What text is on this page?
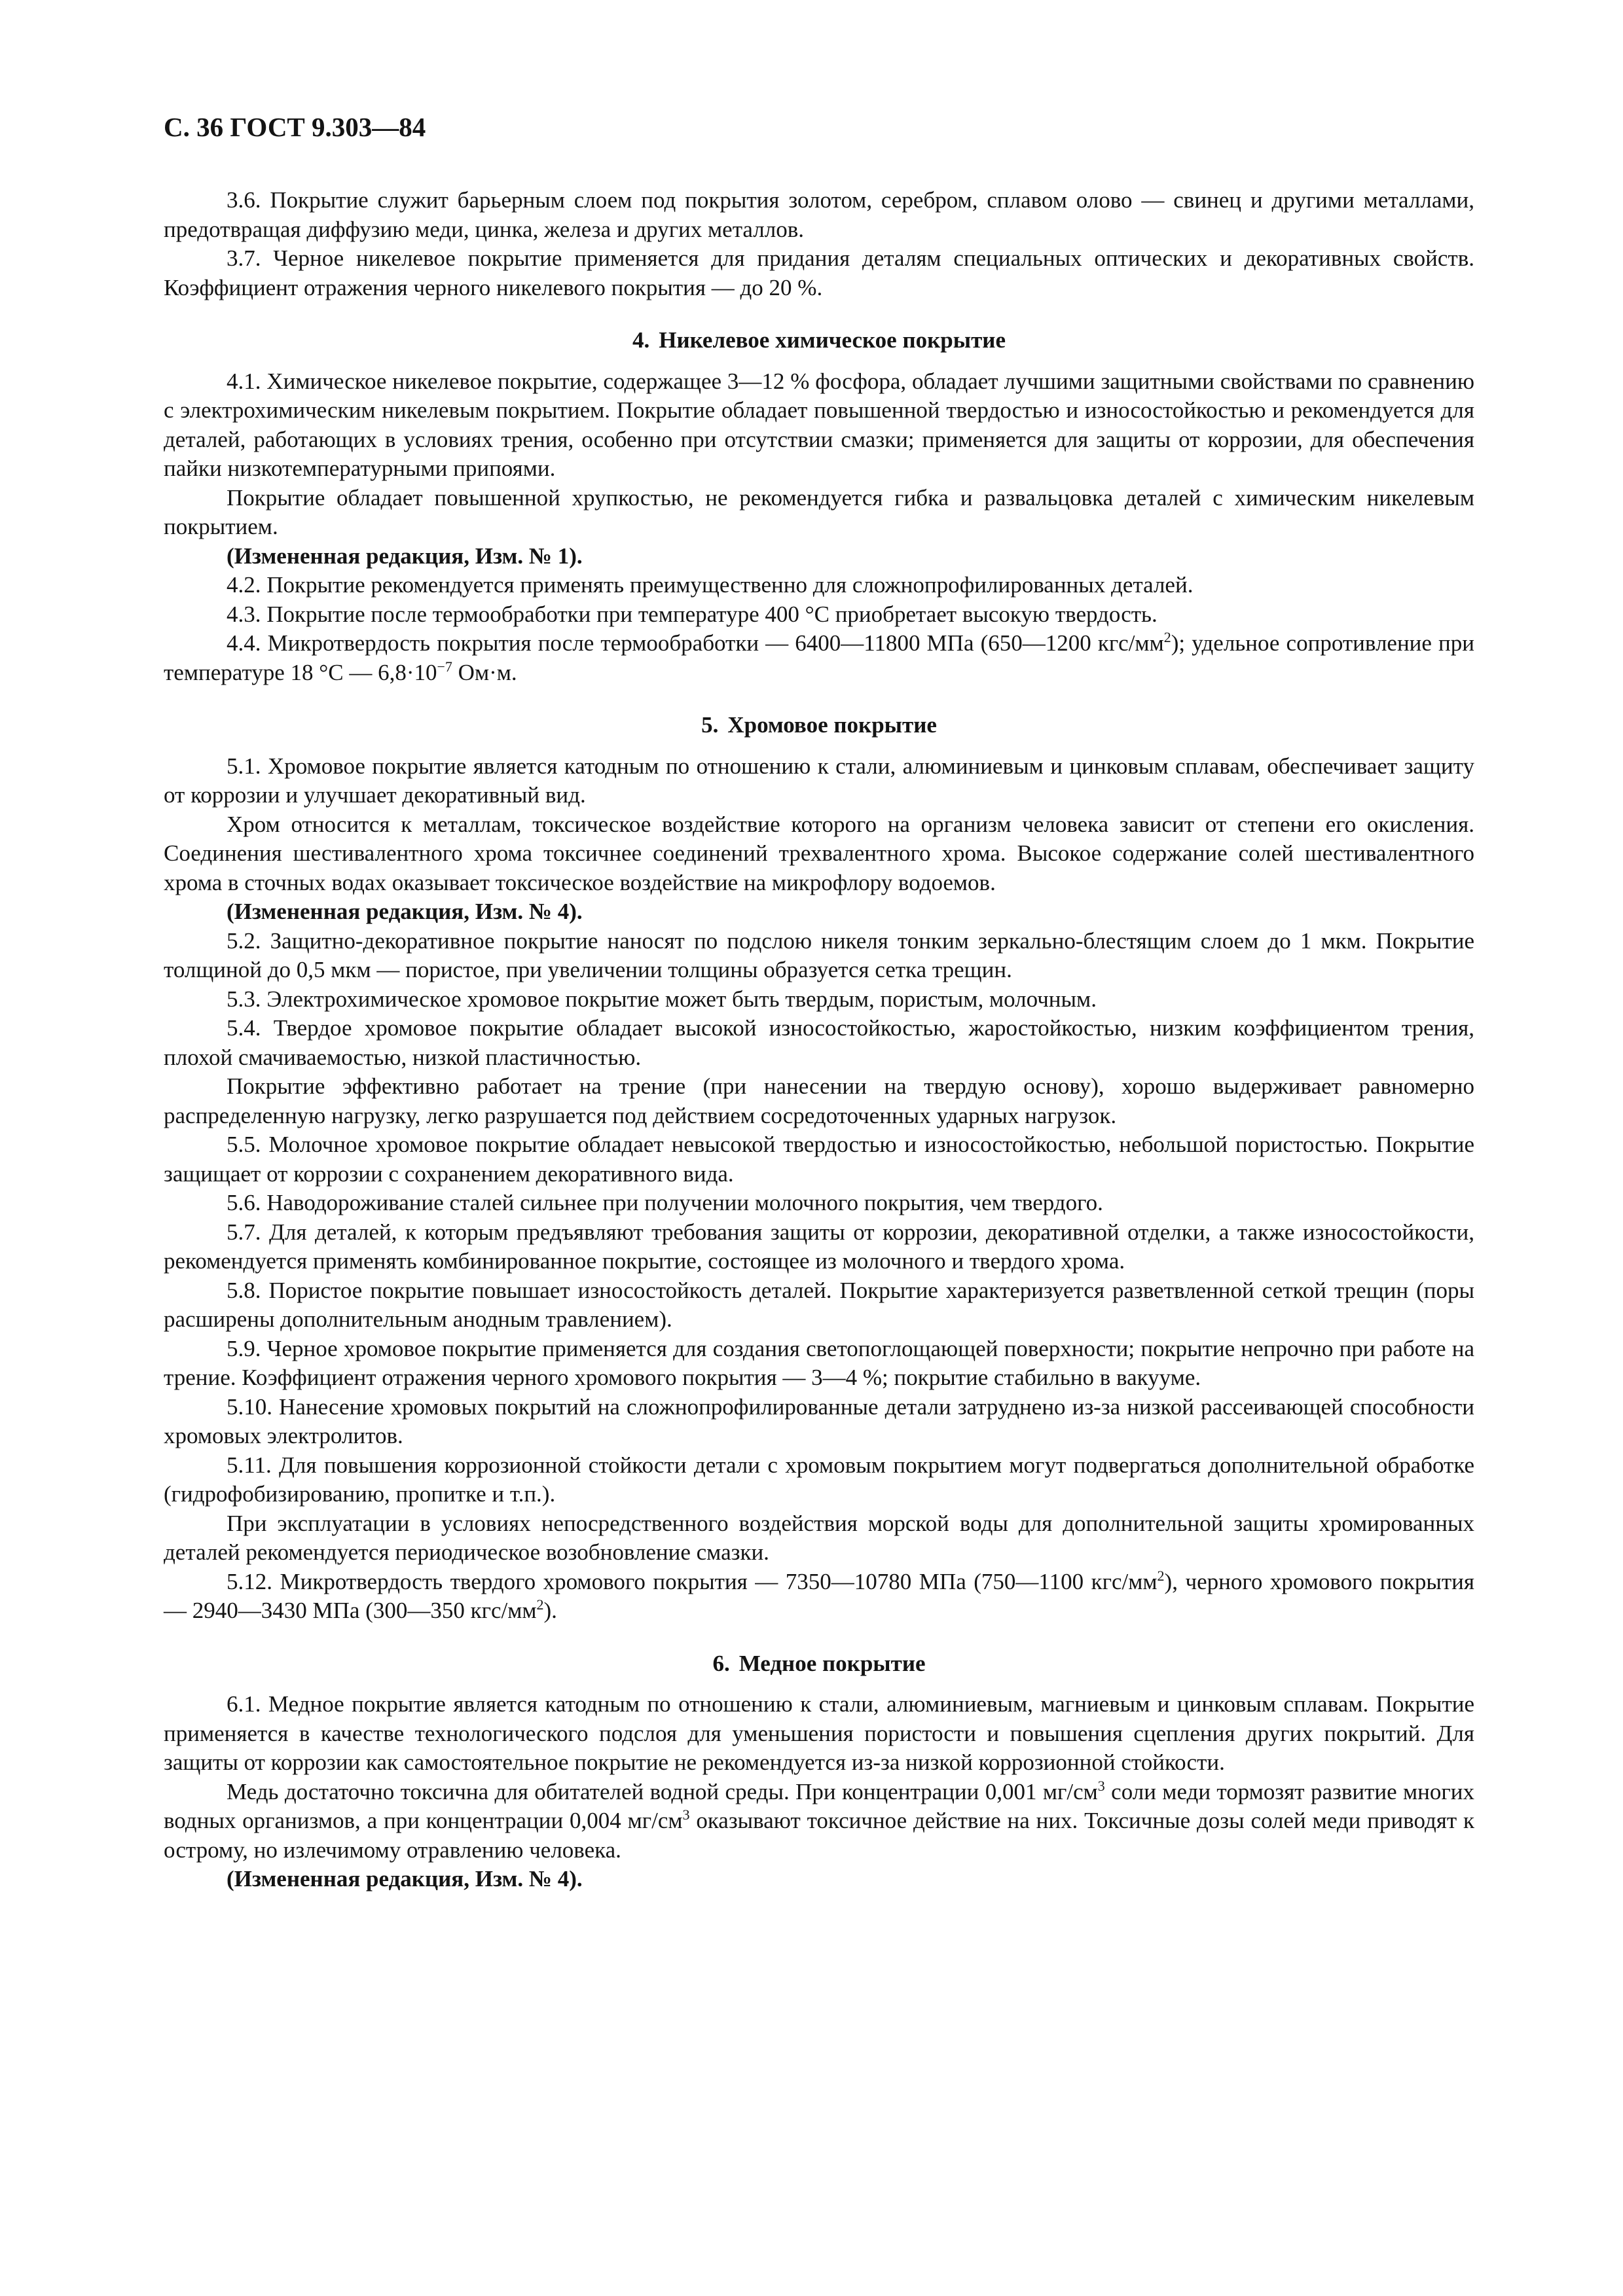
С. 36 ГОСТ 9.303—84

3.6. Покрытие служит барьерным слоем под покрытия золотом, серебром, сплавом олово — свинец и другими металлами, предотвращая диффузию меди, цинка, железа и других металлов.

3.7. Черное никелевое покрытие применяется для придания деталям специальных оптических и декоративных свойств. Коэффициент отражения черного никелевого покрытия — до 20 %.

4. Никелевое химическое покрытие

4.1. Химическое никелевое покрытие, содержащее 3—12 % фосфора, обладает лучшими защитными свойствами по сравнению с электрохимическим никелевым покрытием. Покрытие обладает повышенной твердостью и износостойкостью и рекомендуется для деталей, работающих в условиях трения, особенно при отсутствии смазки; применяется для защиты от коррозии, для обеспечения пайки низкотемпературными припоями.

Покрытие обладает повышенной хрупкостью, не рекомендуется гибка и развальцовка деталей с химическим никелевым покрытием.

(Измененная редакция, Изм. № 1).

4.2. Покрытие рекомендуется применять преимущественно для сложнопрофилированных деталей.

4.3. Покрытие после термообработки при температуре 400 °С приобретает высокую твердость.

4.4. Микротвердость покрытия после термообработки — 6400—11800 МПа (650—1200 кгс/$мм^2$); удельное сопротивление при температуре 18 °С — $6,8\cdot 10^{-7}$ Ом·м.

5. Хромовое покрытие

5.1. Хромовое покрытие является катодным по отношению к стали, алюминиевым и цинковым сплавам, обеспечивает защиту от коррозии и улучшает декоративный вид.

Хром относится к металлам, токсическое воздействие которого на организм человека зависит от степени его окисления. Соединения шестивалентного хрома токсичнее соединений трехвалентного хрома. Высокое содержание солей шестивалентного хрома в сточных водах оказывает токсическое воздействие на микрофлору водоемов.

(Измененная редакция, Изм. № 4).

5.2. Защитно-декоративное покрытие наносят по подслою никеля тонким зеркально-блестящим слоем до 1 мкм. Покрытие толщиной до 0,5 мкм — пористое, при увеличении толщины образуется сетка трещин.

5.3. Электрохимическое хромовое покрытие может быть твердым, пористым, молочным.

5.4. Твердое хромовое покрытие обладает высокой износостойкостью, жаростойкостью, низким коэффициентом трения, плохой смачиваемостью, низкой пластичностью.

Покрытие эффективно работает на трение (при нанесении на твердую основу), хорошо выдерживает равномерно распределенную нагрузку, легко разрушается под действием сосредоточенных ударных нагрузок.

5.5. Молочное хромовое покрытие обладает невысокой твердостью и износостойкостью, небольшой пористостью. Покрытие защищает от коррозии с сохранением декоративного вида.

5.6. Наводороживание сталей сильнее при получении молочного покрытия, чем твердого.

5.7. Для деталей, к которым предъявляют требования защиты от коррозии, декоративной отделки, а также износостойкости, рекомендуется применять комбинированное покрытие, состоящее из молочного и твердого хрома.

5.8. Пористое покрытие повышает износостойкость деталей. Покрытие характеризуется разветвленной сеткой трещин (поры расширены дополнительным анодным травлением).

5.9. Черное хромовое покрытие применяется для создания светопоглощающей поверхности; покрытие непрочно при работе на трение. Коэффициент отражения черного хромового покрытия — 3—4 %; покрытие стабильно в вакууме.

5.10. Нанесение хромовых покрытий на сложнопрофилированные детали затруднено из-за низкой рассеивающей способности хромовых электролитов.

5.11. Для повышения коррозионной стойкости детали с хромовым покрытием могут подвергаться дополнительной обработке (гидрофобизированию, пропитке и т.п.).

При эксплуатации в условиях непосредственного воздействия морской воды для дополнительной защиты хромированных деталей рекомендуется периодическое возобновление смазки.

5.12. Микротвердость твердого хромового покрытия — 7350—10780 МПа (750—1100 кгс/$мм^2$), черного хромового покрытия — 2940—3430 МПа (300—350 кгс/$мм^2$).

6. Медное покрытие

6.1. Медное покрытие является катодным по отношению к стали, алюминиевым, магниевым и цинковым сплавам. Покрытие применяется в качестве технологического подслоя для уменьшения пористости и повышения сцепления других покрытий. Для защиты от коррозии как самостоятельное покрытие не рекомендуется из-за низкой коррозионной стойкости.

Медь достаточно токсична для обитателей водной среды. При концентрации 0,001 $мг/см^3$ соли меди тормозят развитие многих водных организмов, а при концентрации 0,004 $мг/см^3$ оказывают токсичное действие на них. Токсичные дозы солей меди приводят к острому, но излечимому отравлению человека.

(Измененная редакция, Изм. № 4).
